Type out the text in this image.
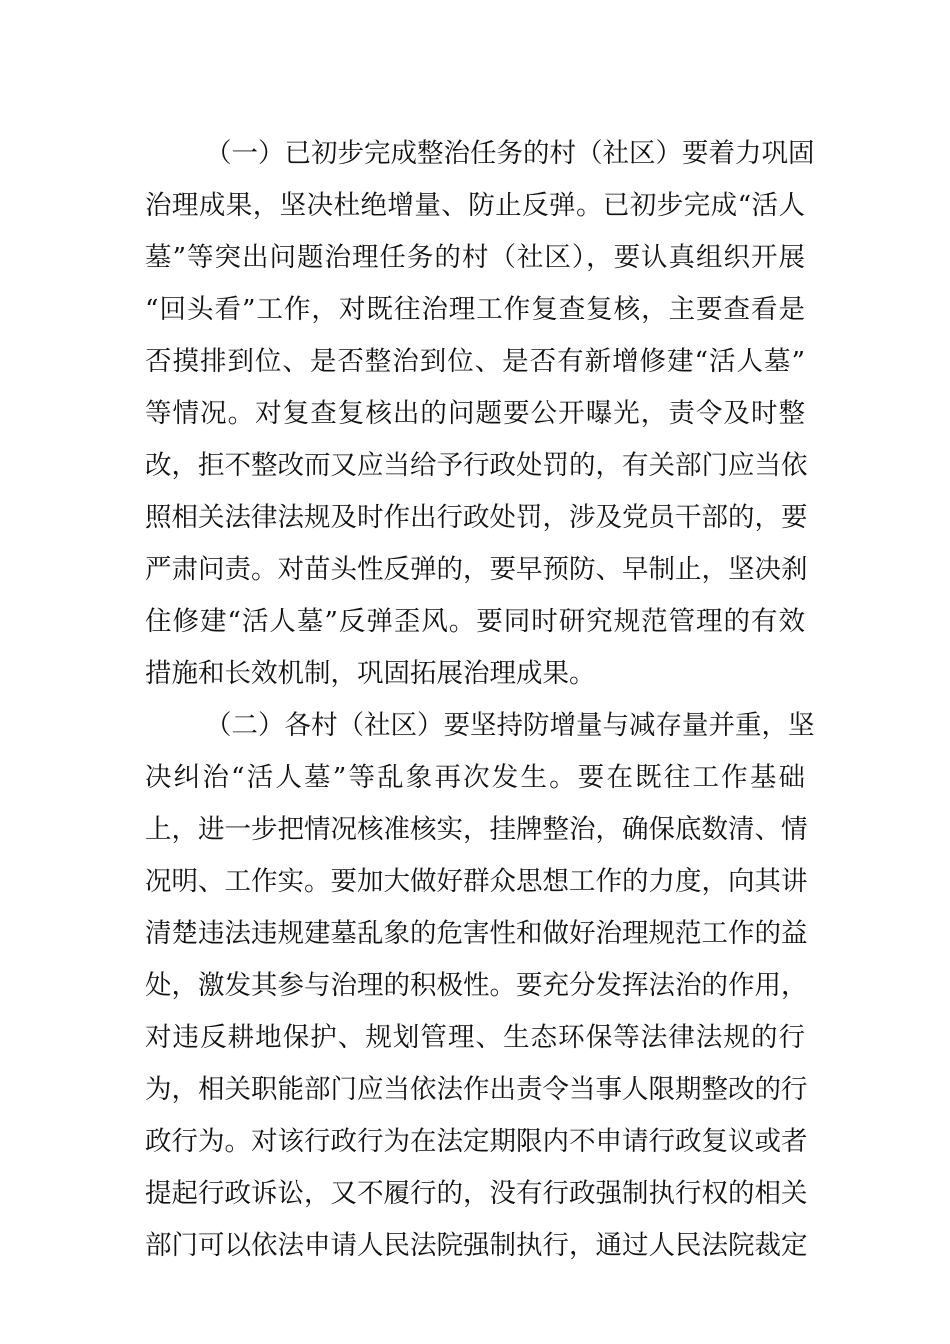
（一）已初步完成整治任务的村（社区）要着力巩固
治理成果，坚决杜绝增量、防止反弹。已初步完成“活人
墓”等突出问题治理任务的村（社区），要认真组织开展
“回头看”工作，对既往治理工作复查复核，主要查看是
否摸排到位、是否整治到位、是否有新增修建“活人墓”
等情况。对复查复核出的问题要公开曝光，责令及时整
改，拒不整改而又应当给予行政处罚的，有关部门应当依
照相关法律法规及时作出行政处罚，涉及党员干部的，要
严肃问责。对苗头性反弹的，要早预防、早制止，坚决刹
住修建“活人墓”反弹歪风。要同时研究规范管理的有效
措施和长效机制，巩固拓展治理成果。
（二）各村（社区）要坚持防增量与减存量并重，坚
决纠治“活人墓”等乱象再次发生。要在既往工作基础
上，进一步把情况核准核实，挂牌整治，确保底数清、情
况明、工作实。要加大做好群众思想工作的力度，向其讲
清楚违法违规建墓乱象的危害性和做好治理规范工作的益
处，激发其参与治理的积极性。要充分发挥法治的作用，
对违反耕地保护、规划管理、生态环保等法律法规的行
为，相关职能部门应当依法作出责令当事人限期整改的行
政行为。对该行政行为在法定期限内不申请行政复议或者
提起行政诉讼，又不履行的，没有行政强制执行权的相关
部门可以依法申请人民法院强制执行，通过人民法院裁定
